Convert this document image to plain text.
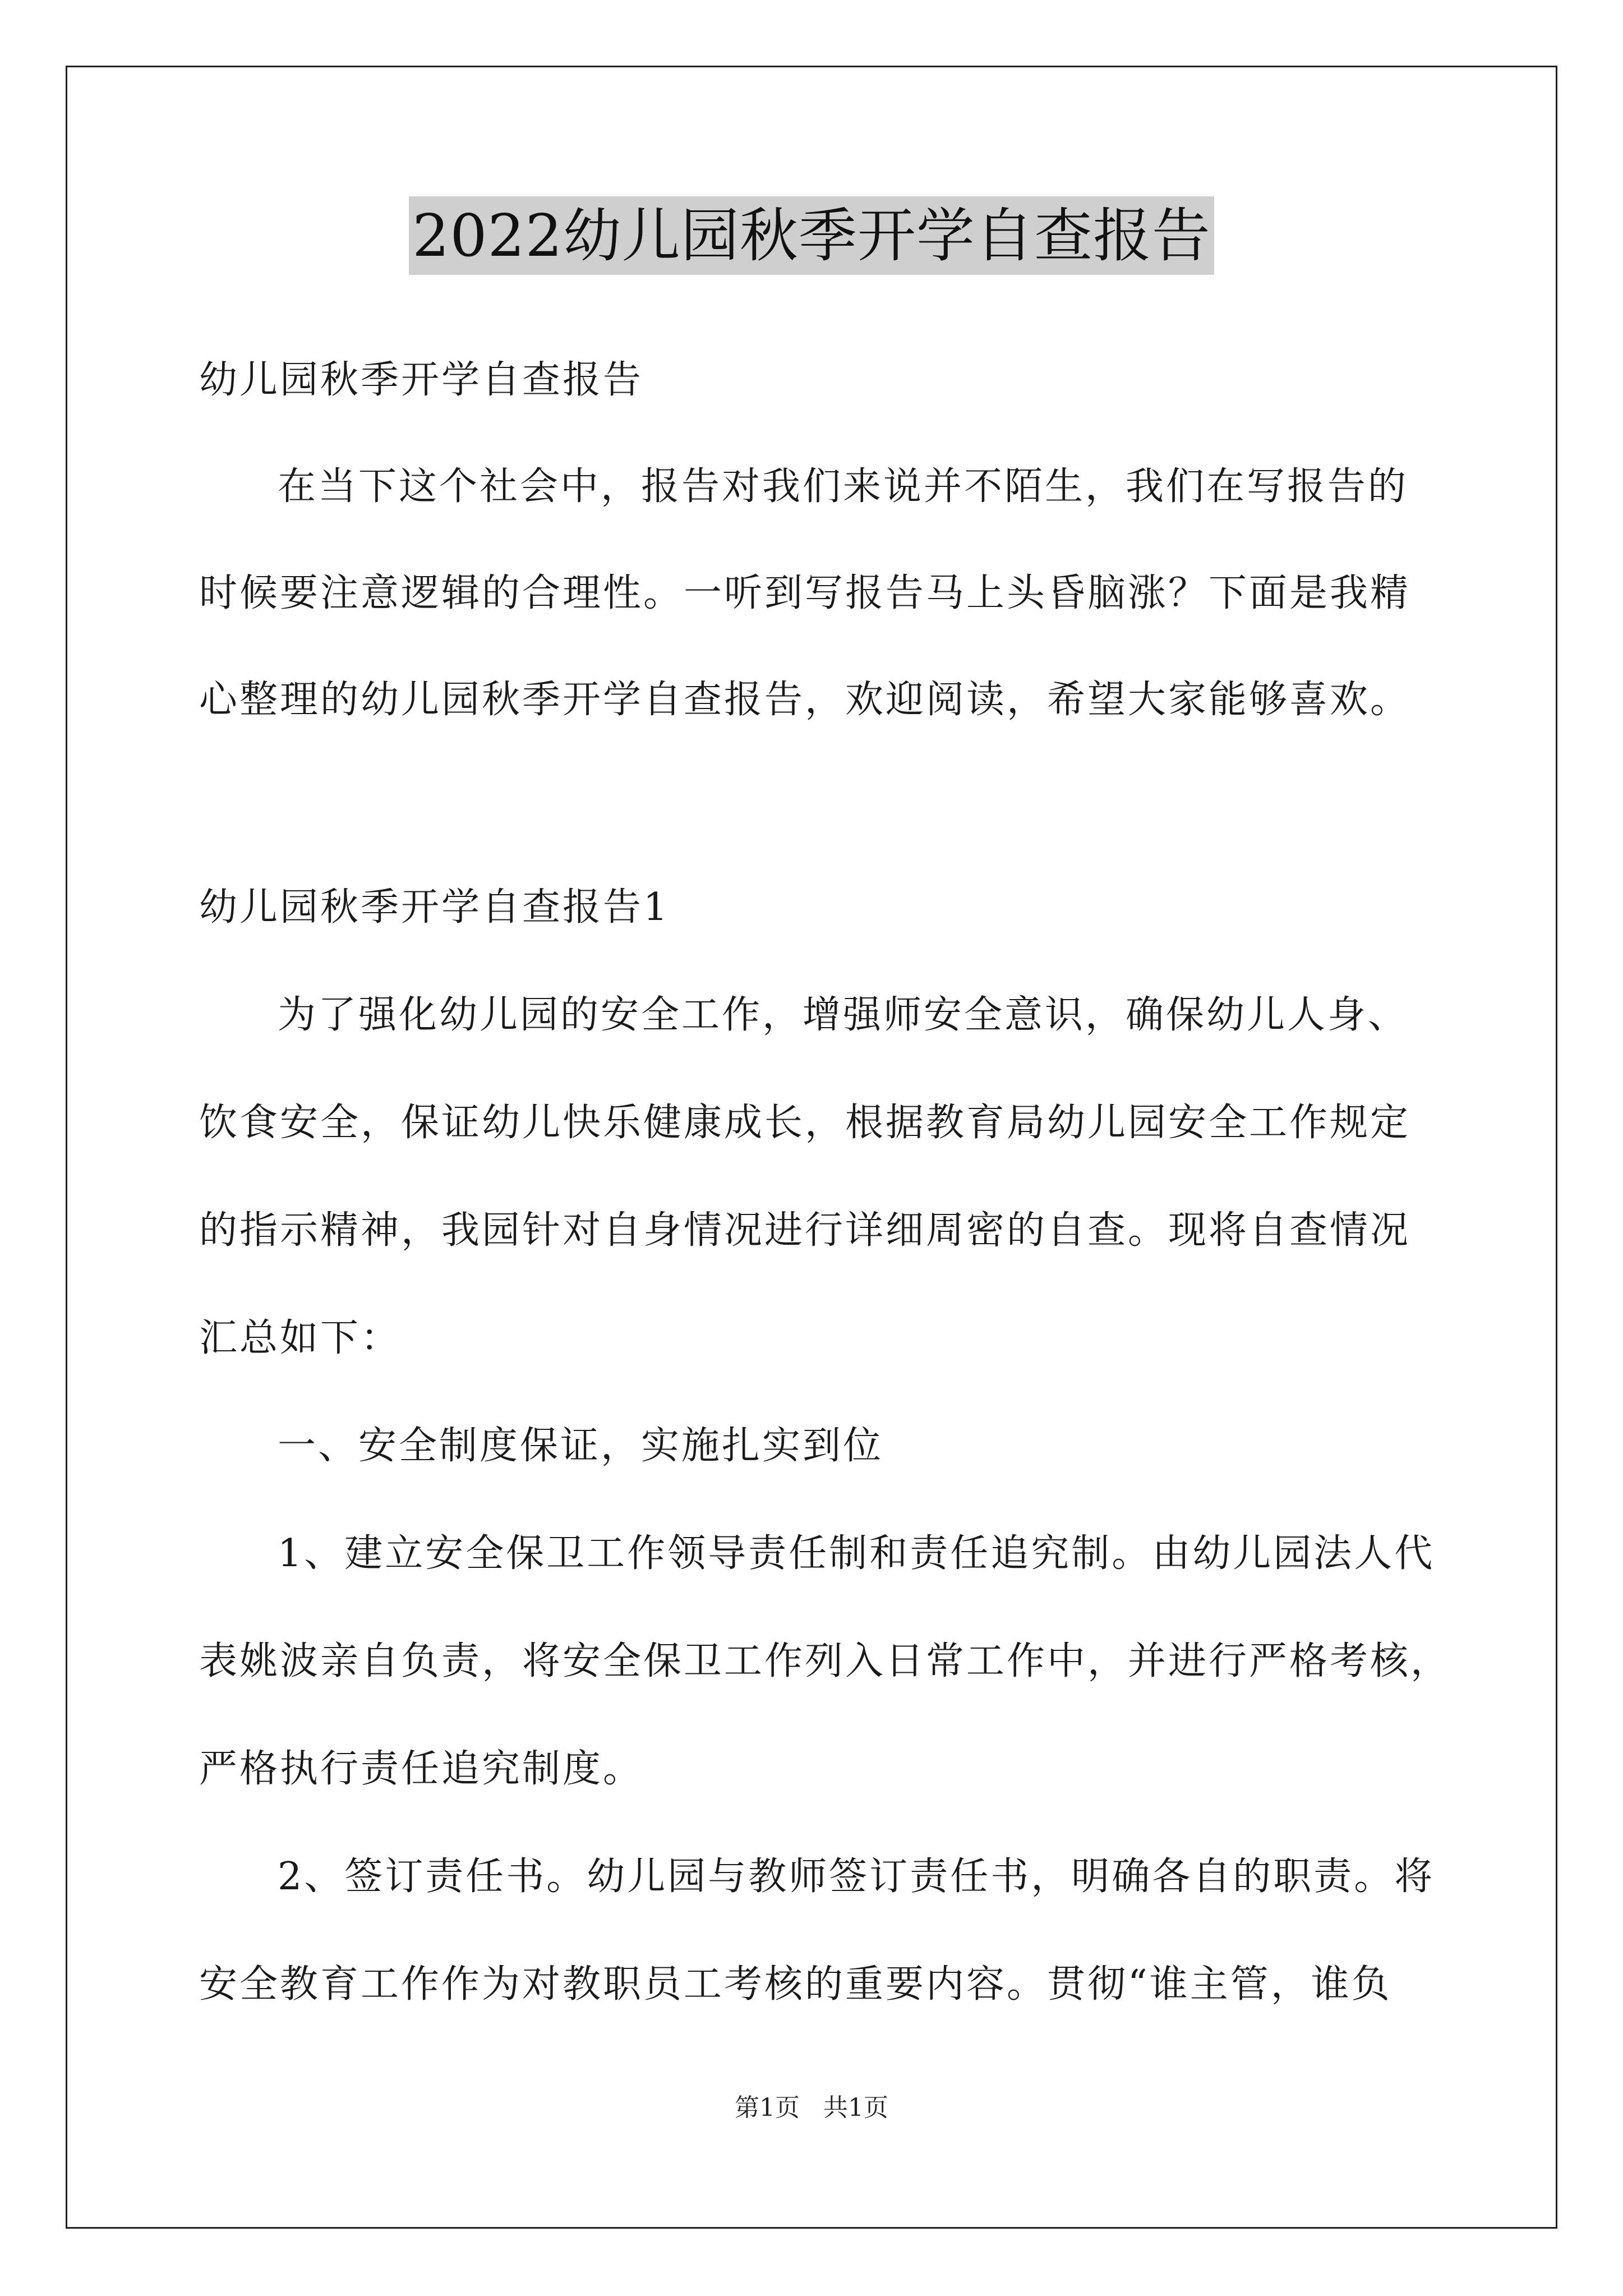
2022幼儿园秋季开学自查报告
幼儿园秋季开学自查报告
在当下这个社会中，报告对我们来说并不陌生，我们在写报告的
时候要注意逻辑的合理性。一听到写报告马上头昏脑涨？下面是我精
心整理的幼儿园秋季开学自查报告，欢迎阅读，希望大家能够喜欢。
幼儿园秋季开学自查报告1
为了强化幼儿园的安全工作，增强师安全意识，确保幼儿人身、
饮食安全，保证幼儿快乐健康成长，根据教育局幼儿园安全工作规定
的指示精神，我园针对自身情况进行详细周密的自查。现将自查情况
汇总如下：
一、安全制度保证，实施扎实到位
1、建立安全保卫工作领导责任制和责任追究制。由幼儿园法人代
表姚波亲自负责，将安全保卫工作列入日常工作中，并进行严格考核，
严格执行责任追究制度。
2、签订责任书。幼儿园与教师签订责任书，明确各自的职责。将
安全教育工作作为对教职员工考核的重要内容。贯彻“谁主管，谁负
第1页   共1页
